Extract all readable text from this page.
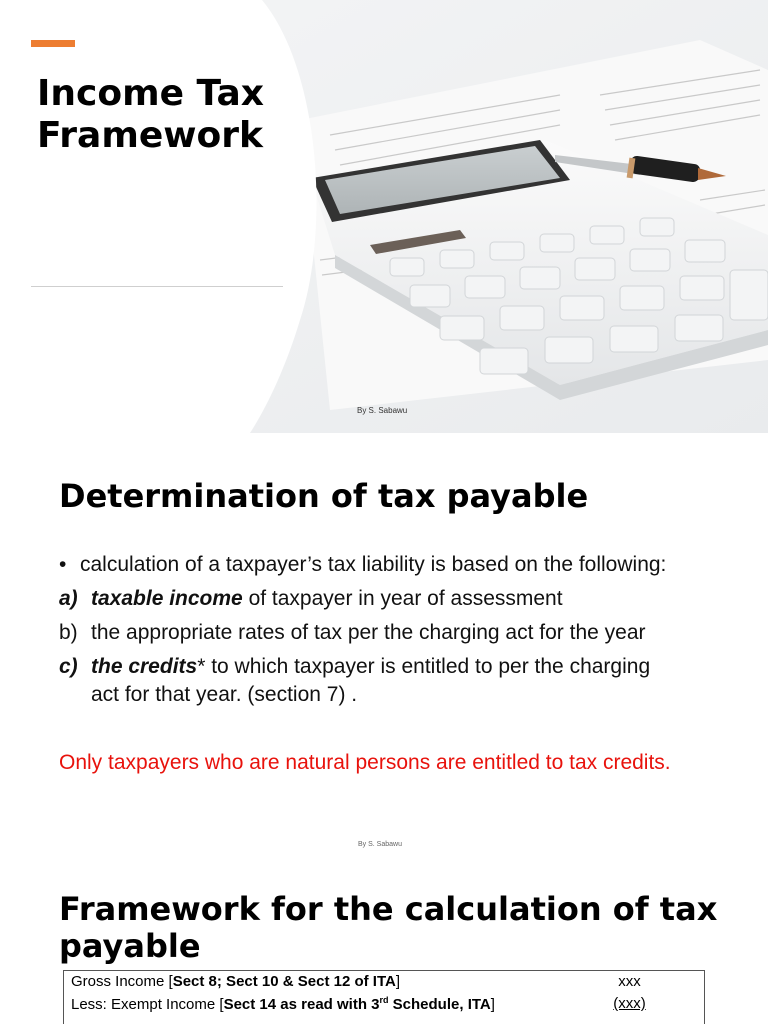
Income Tax Framework
By S. Sabawu
Determination of tax payable
• calculation of a taxpayer’s tax liability is based on the following:
a) taxable income of taxpayer in year of assessment
b) the appropriate rates of tax per the charging act for the year
c) the credits* to which taxpayer is entitled to per the charging
act for that year. (section 7) .
Only taxpayers who are natural persons are entitled to tax credits.
By S. Sabawu
Framework for the calculation of tax payable
Gross Income [Sect 8; Sect 10 & Sect 12 of ITA]	xxx
Less: Exempt Income [Sect 14 as read with 3rd Schedule, ITA]	(xxx)
